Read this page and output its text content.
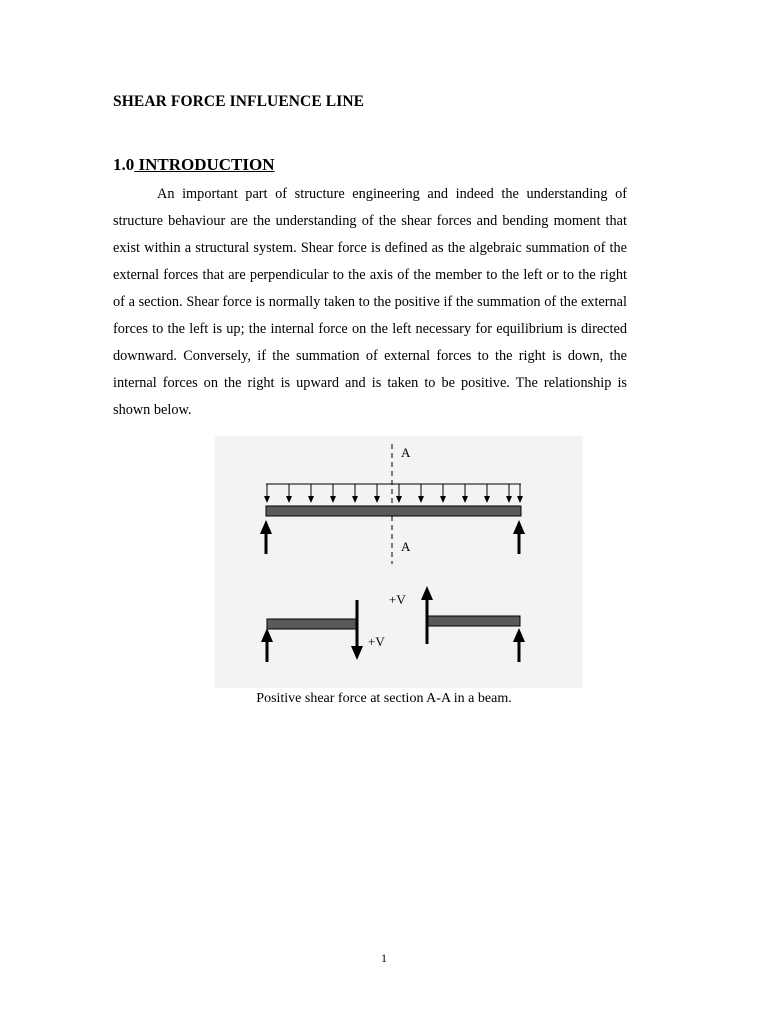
SHEAR FORCE INFLUENCE LINE
1.0 INTRODUCTION

An important part of structure engineering and indeed the understanding of structure behaviour are the understanding of the shear forces and bending moment that exist within a structural system. Shear force is defined as the algebraic summation of the external forces that are perpendicular to the axis of the member to the left or to the right of a section. Shear force is normally taken to the positive if the summation of the external forces to the left is up; the internal force on the left necessary for equilibrium is directed downward. Conversely, if the summation of external forces to the right is down, the internal forces on the right is upward and is taken to be positive. The relationship is shown below.

A
A
+V
+V
Positive shear force at section A-A in a beam.
1
